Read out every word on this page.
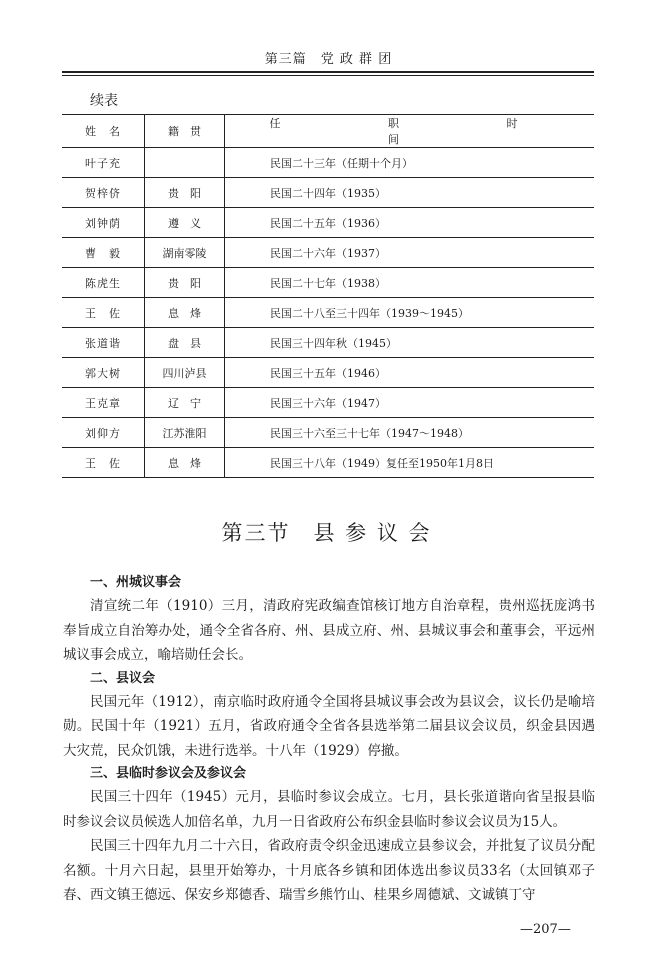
第三篇　党 政 群 团
续表
姓　名	籍　贯	任 职 时 间
叶子充		民国二十三年（任期十个月）
贺梓侪	贵　阳	民国二十四年（1935）
刘钟荫	遵　义	民国二十五年（1936）
曹　毅	湖南零陵	民国二十六年（1937）
陈虎生	贵　阳	民国二十七年（1938）
王　佐	息　烽	民国二十八至三十四年（1939～1945）
张道谐	盘　县	民国三十四年秋（1945）
郭大树	四川泸县	民国三十五年（1946）
王克章	辽　宁	民国三十六年（1947）
刘仰方	江苏淮阳	民国三十六至三十七年（1947～1948）
王　佐	息　烽	民国三十八年（1949）复任至1950年1月8日
第三节　县 参 议 会
一、州城议事会
清宣统二年（1910）三月，清政府宪政编查馆核订地方自治章程，贵州巡抚庞鸿书奉旨成立自治筹办处，通令全省各府、州、县成立府、州、县城议事会和董事会，平远州城议事会成立，喻培勋任会长。
二、县议会
民国元年（1912），南京临时政府通令全国将县城议事会改为县议会，议长仍是喻培勋。民国十年（1921）五月，省政府通令全省各县选举第二届县议会议员，织金县因遇大灾荒，民众饥饿，未进行选举。十八年（1929）停撤。
三、县临时参议会及参议会
民国三十四年（1945）元月，县临时参议会成立。七月，县长张道谐向省呈报县临时参议会议员候选人加倍名单，九月一日省政府公布织金县临时参议会议员为15人。
民国三十四年九月二十六日，省政府责令织金迅速成立县参议会，并批复了议员分配名额。十月六日起，县里开始筹办，十月底各乡镇和团体选出参议员33名（太回镇邓子春、西文镇王德远、保安乡郑德香、瑞雪乡熊竹山、桂果乡周德斌、文诚镇丁守
—207—
